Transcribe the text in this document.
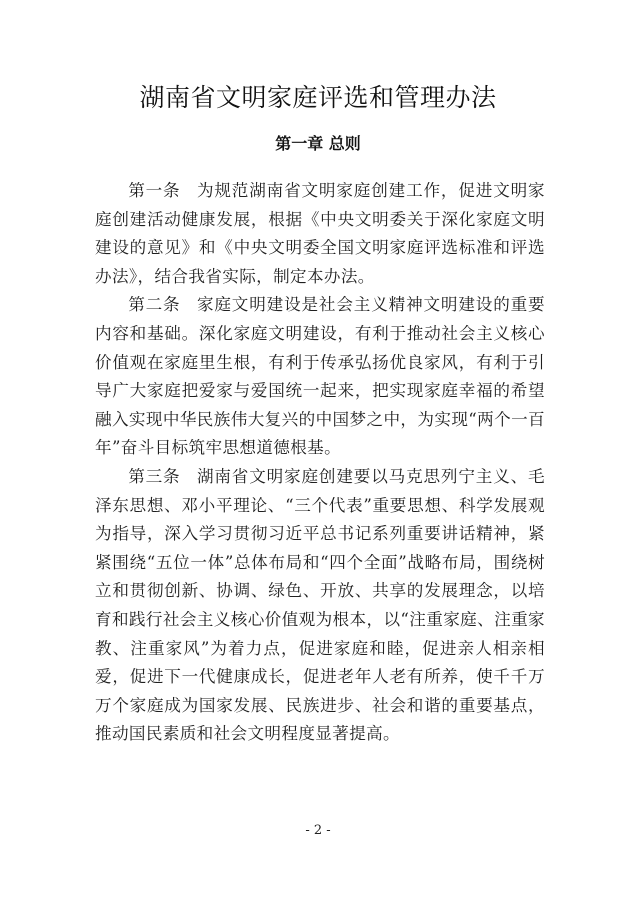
湖南省文明家庭评选和管理办法
第一章 总则

第一条 为规范湖南省文明家庭创建工作，促进文明家庭创建活动健康发展，根据《中央文明委关于深化家庭文明建设的意见》和《中央文明委全国文明家庭评选标准和评选办法》，结合我省实际，制定本办法。

第二条 家庭文明建设是社会主义精神文明建设的重要内容和基础。深化家庭文明建设，有利于推动社会主义核心价值观在家庭里生根，有利于传承弘扬优良家风，有利于引导广大家庭把爱家与爱国统一起来，把实现家庭幸福的希望融入实现中华民族伟大复兴的中国梦之中，为实现“两个一百年”奋斗目标筑牢思想道德根基。

第三条 湖南省文明家庭创建要以马克思列宁主义、毛泽东思想、邓小平理论、“三个代表”重要思想、科学发展观为指导，深入学习贯彻习近平总书记系列重要讲话精神，紧紧围绕“五位一体”总体布局和“四个全面”战略布局，围绕树立和贯彻创新、协调、绿色、开放、共享的发展理念，以培育和践行社会主义核心价值观为根本，以“注重家庭、注重家教、注重家风”为着力点，促进家庭和睦，促进亲人相亲相爱，促进下一代健康成长，促进老年人老有所养，使千千万万个家庭成为国家发展、民族进步、社会和谐的重要基点，推动国民素质和社会文明程度显著提高。

- 2 -
